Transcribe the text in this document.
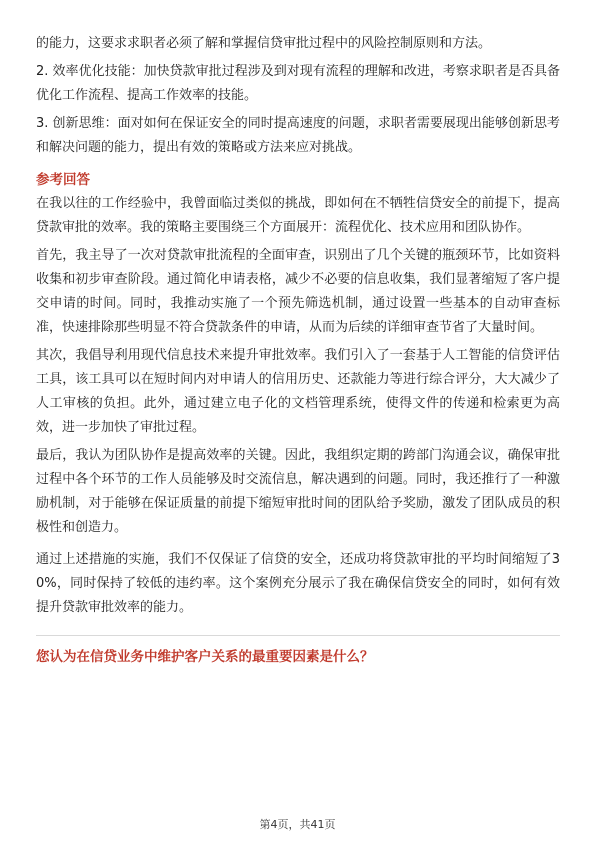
的能力，这要求求职者必须了解和掌握信贷审批过程中的风险控制原则和方法。

2. 效率优化技能：加快贷款审批过程涉及到对现有流程的理解和改进，考察求职者是否具备优化工作流程、提高工作效率的技能。

3. 创新思维：面对如何在保证安全的同时提高速度的问题，求职者需要展现出能够创新思考和解决问题的能力，提出有效的策略或方法来应对挑战。

参考回答

在我以往的工作经验中，我曾面临过类似的挑战，即如何在不牺牲信贷安全的前提下，提高贷款审批的效率。我的策略主要围绕三个方面展开：流程优化、技术应用和团队协作。

首先，我主导了一次对贷款审批流程的全面审查，识别出了几个关键的瓶颈环节，比如资料收集和初步审查阶段。通过简化申请表格，减少不必要的信息收集，我们显著缩短了客户提交申请的时间。同时，我推动实施了一个预先筛选机制，通过设置一些基本的自动审查标准，快速排除那些明显不符合贷款条件的申请，从而为后续的详细审查节省了大量时间。

其次，我倡导利用现代信息技术来提升审批效率。我们引入了一套基于人工智能的信贷评估工具，该工具可以在短时间内对申请人的信用历史、还款能力等进行综合评分，大大减少了人工审核的负担。此外，通过建立电子化的文档管理系统，使得文件的传递和检索更为高效，进一步加快了审批过程。

最后，我认为团队协作是提高效率的关键。因此，我组织定期的跨部门沟通会议，确保审批过程中各个环节的工作人员能够及时交流信息，解决遇到的问题。同时，我还推行了一种激励机制，对于能够在保证质量的前提下缩短审批时间的团队给予奖励，激发了团队成员的积极性和创造力。

通过上述措施的实施，我们不仅保证了信贷的安全，还成功将贷款审批的平均时间缩短了30%，同时保持了较低的违约率。这个案例充分展示了我在确保信贷安全的同时，如何有效提升贷款审批效率的能力。

您认为在信贷业务中维护客户关系的最重要因素是什么？

第4页，共41页
